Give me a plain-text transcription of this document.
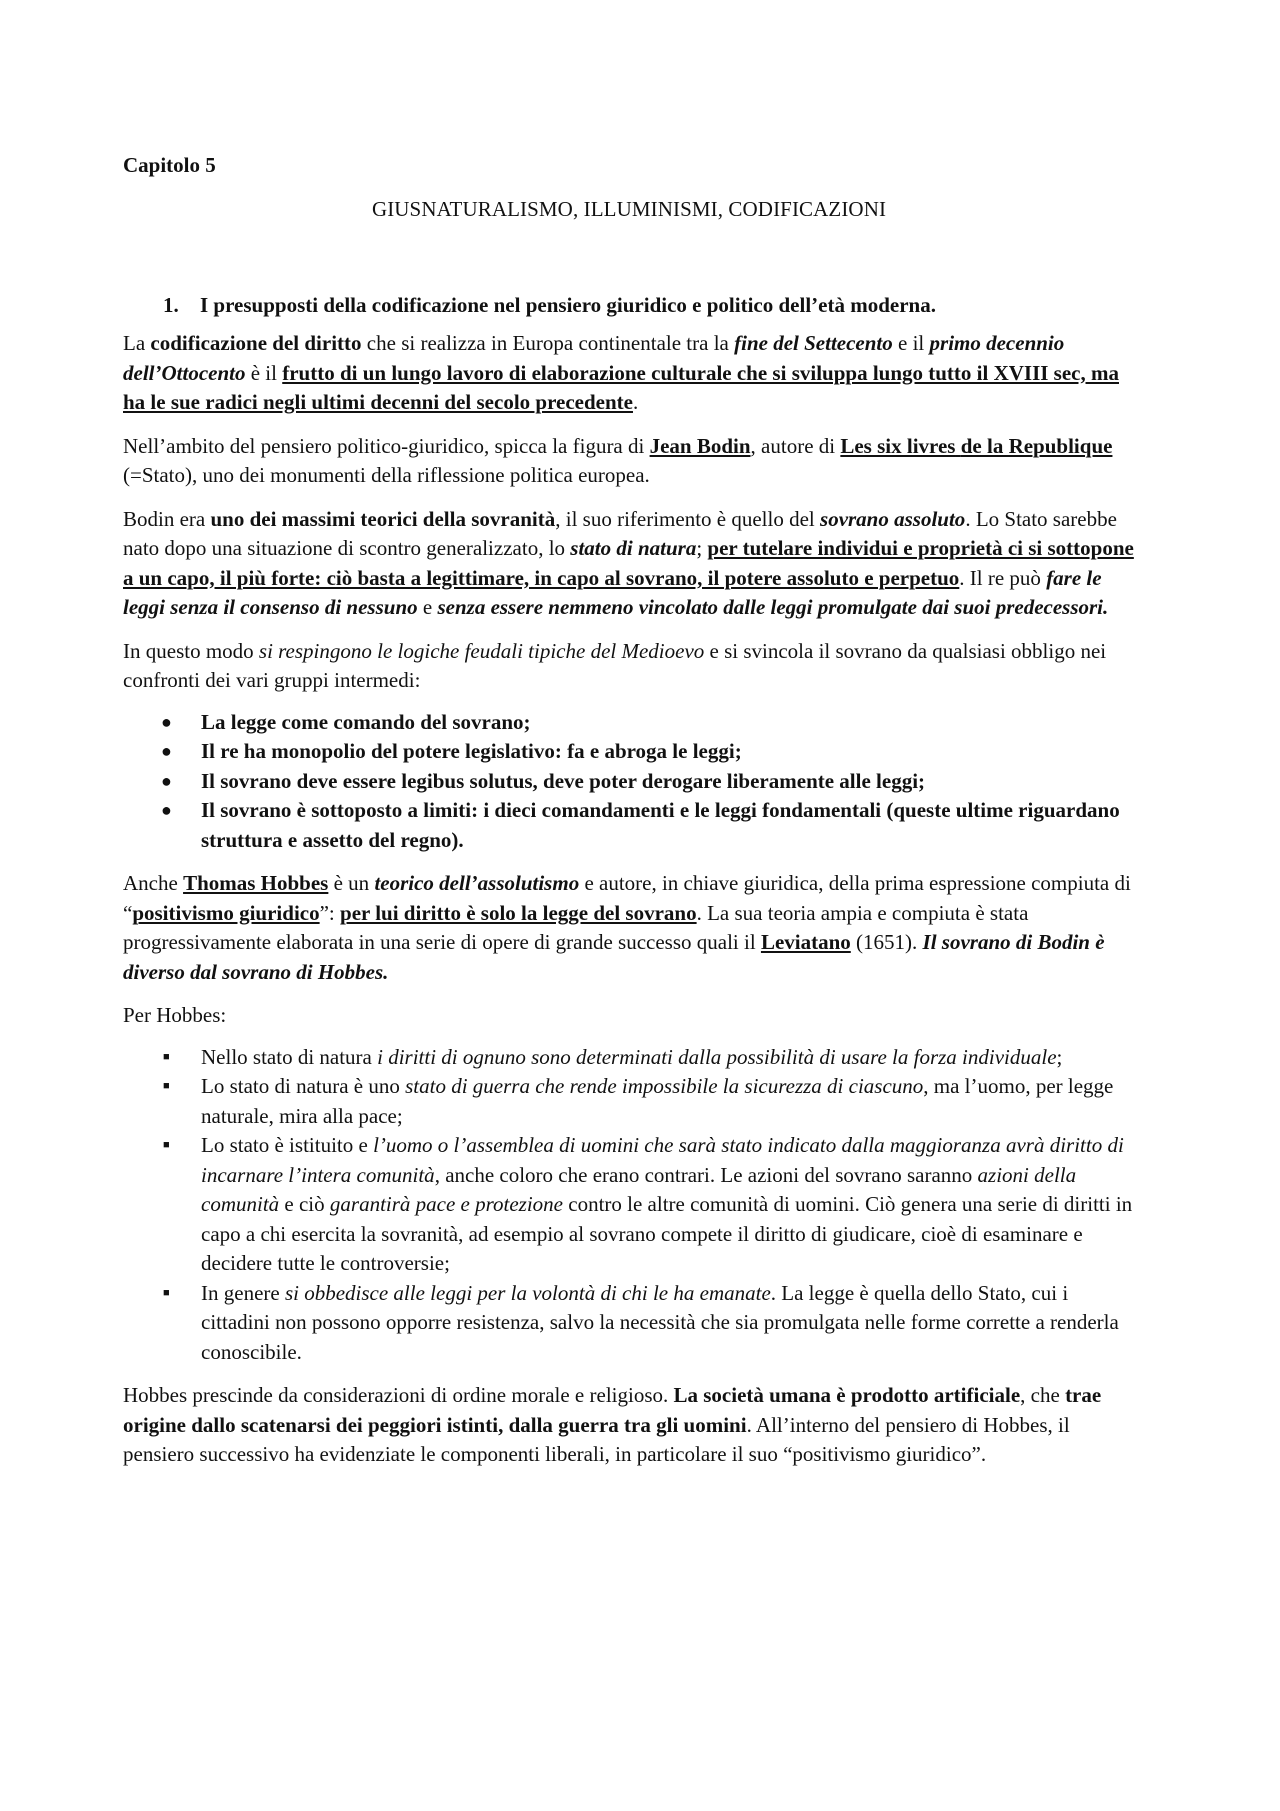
Capitolo 5

GIUSNATURALISMO, ILLUMINISMI, CODIFICAZIONI

1. I presupposti della codificazione nel pensiero giuridico e politico dell’età moderna.

La codificazione del diritto che si realizza in Europa continentale tra la fine del Settecento e il primo decennio dell’Ottocento è il frutto di un lungo lavoro di elaborazione culturale che si sviluppa lungo tutto il XVIII sec, ma ha le sue radici negli ultimi decenni del secolo precedente.

Nell’ambito del pensiero politico-giuridico, spicca la figura di Jean Bodin, autore di Les six livres de la Republique (=Stato), uno dei monumenti della riflessione politica europea.

Bodin era uno dei massimi teorici della sovranità, il suo riferimento è quello del sovrano assoluto. Lo Stato sarebbe nato dopo una situazione di scontro generalizzato, lo stato di natura; per tutelare individui e proprietà ci si sottopone a un capo, il più forte: ciò basta a legittimare, in capo al sovrano, il potere assoluto e perpetuo. Il re può fare le leggi senza il consenso di nessuno e senza essere nemmeno vincolato dalle leggi promulgate dai suoi predecessori.

In questo modo si respingono le logiche feudali tipiche del Medioevo e si svincola il sovrano da qualsiasi obbligo nei confronti dei vari gruppi intermedi:

● La legge come comando del sovrano;
● Il re ha monopolio del potere legislativo: fa e abroga le leggi;
● Il sovrano deve essere legibus solutus, deve poter derogare liberamente alle leggi;
● Il sovrano è sottoposto a limiti: i dieci comandamenti e le leggi fondamentali (queste ultime riguardano struttura e assetto del regno).

Anche Thomas Hobbes è un teorico dell’assolutismo e autore, in chiave giuridica, della prima espressione compiuta di “positivismo giuridico”: per lui diritto è solo la legge del sovrano. La sua teoria ampia e compiuta è stata progressivamente elaborata in una serie di opere di grande successo quali il Leviatano (1651). Il sovrano di Bodin è diverso dal sovrano di Hobbes.

Per Hobbes:

■ Nello stato di natura i diritti di ognuno sono determinati dalla possibilità di usare la forza individuale;
■ Lo stato di natura è uno stato di guerra che rende impossibile la sicurezza di ciascuno, ma l’uomo, per legge naturale, mira alla pace;
■ Lo stato è istituito e l’uomo o l’assemblea di uomini che sarà stato indicato dalla maggioranza avrà diritto di incarnare l’intera comunità, anche coloro che erano contrari. Le azioni del sovrano saranno azioni della comunità e ciò garantirà pace e protezione contro le altre comunità di uomini. Ciò genera una serie di diritti in capo a chi esercita la sovranità, ad esempio al sovrano compete il diritto di giudicare, cioè di esaminare e decidere tutte le controversie;
■ In genere si obbedisce alle leggi per la volontà di chi le ha emanate. La legge è quella dello Stato, cui i cittadini non possono opporre resistenza, salvo la necessità che sia promulgata nelle forme corrette a renderla conoscibile.

Hobbes prescinde da considerazioni di ordine morale e religioso. La società umana è prodotto artificiale, che trae origine dallo scatenarsi dei peggiori istinti, dalla guerra tra gli uomini. All’interno del pensiero di Hobbes, il pensiero successivo ha evidenziate le componenti liberali, in particolare il suo “positivismo giuridico”.
